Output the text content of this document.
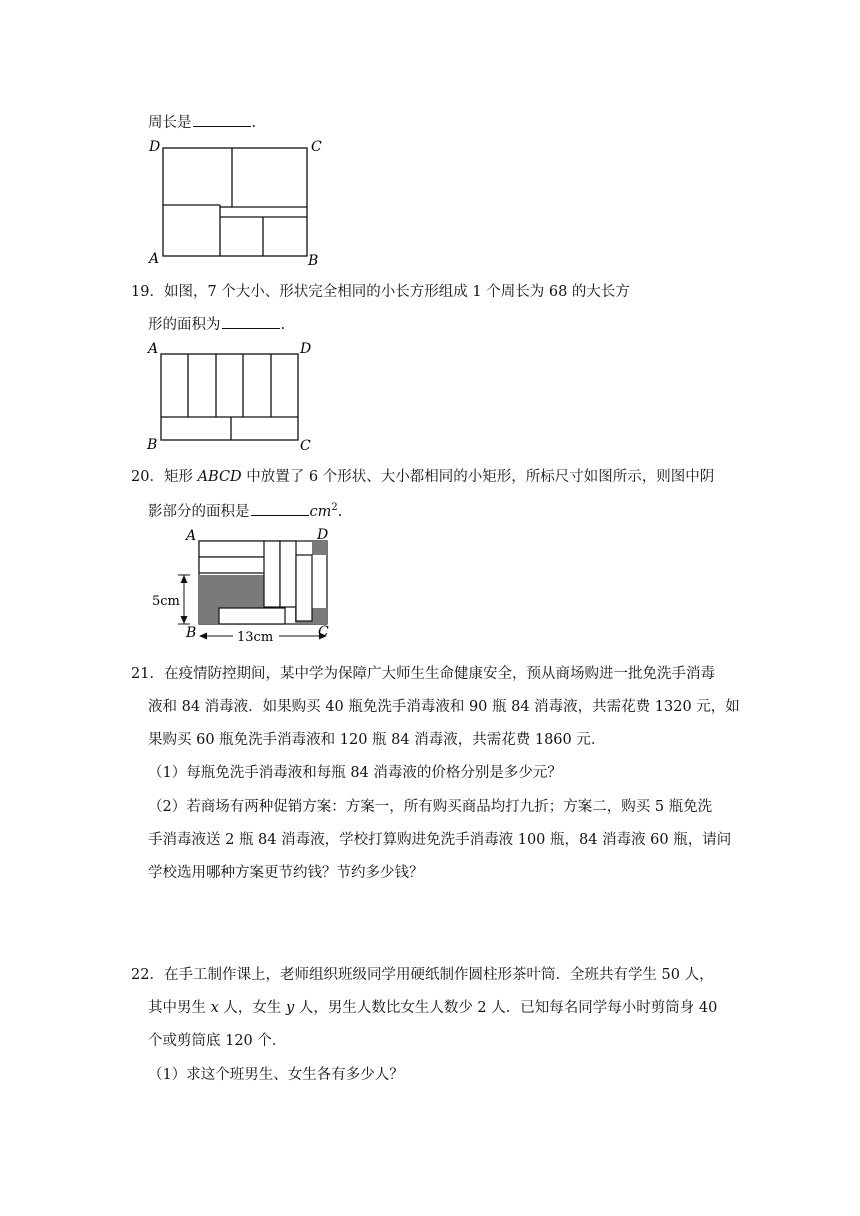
周长是	.
D	C
A	B
19．如图，7 个大小、形状完全相同的小长方形组成 1 个周长为 68 的大长方
形的面积为	.
A	D
B	C
20．矩形 ABCD 中放置了 6 个形状、大小都相同的小矩形，所标尺寸如图所示，则图中阴
影部分的面积是	$cm^2$.
5cm
13cm
A	D
B	C
21．在疫情防控期间，某中学为保障广大师生生命健康安全，预从商场购进一批免洗手消毒
液和 84 消毒液．如果购买 40 瓶免洗手消毒液和 90 瓶 84 消毒液，共需花费 1320 元，如
果购买 60 瓶免洗手消毒液和 120 瓶 84 消毒液，共需花费 1860 元．
（1）每瓶免洗手消毒液和每瓶 84 消毒液的价格分别是多少元？
（2）若商场有两种促销方案：方案一，所有购买商品均打九折；方案二，购买 5 瓶免洗
手消毒液送 2 瓶 84 消毒液，学校打算购进免洗手消毒液 100 瓶，84 消毒液 60 瓶，请问
学校选用哪种方案更节约钱？节约多少钱？
22．在手工制作课上，老师组织班级同学用硬纸制作圆柱形茶叶筒．全班共有学生 50 人，
其中男生 x 人，女生 y 人，男生人数比女生人数少 2 人．已知每名同学每小时剪筒身 40
个或剪筒底 120 个．
（1）求这个班男生、女生各有多少人？
